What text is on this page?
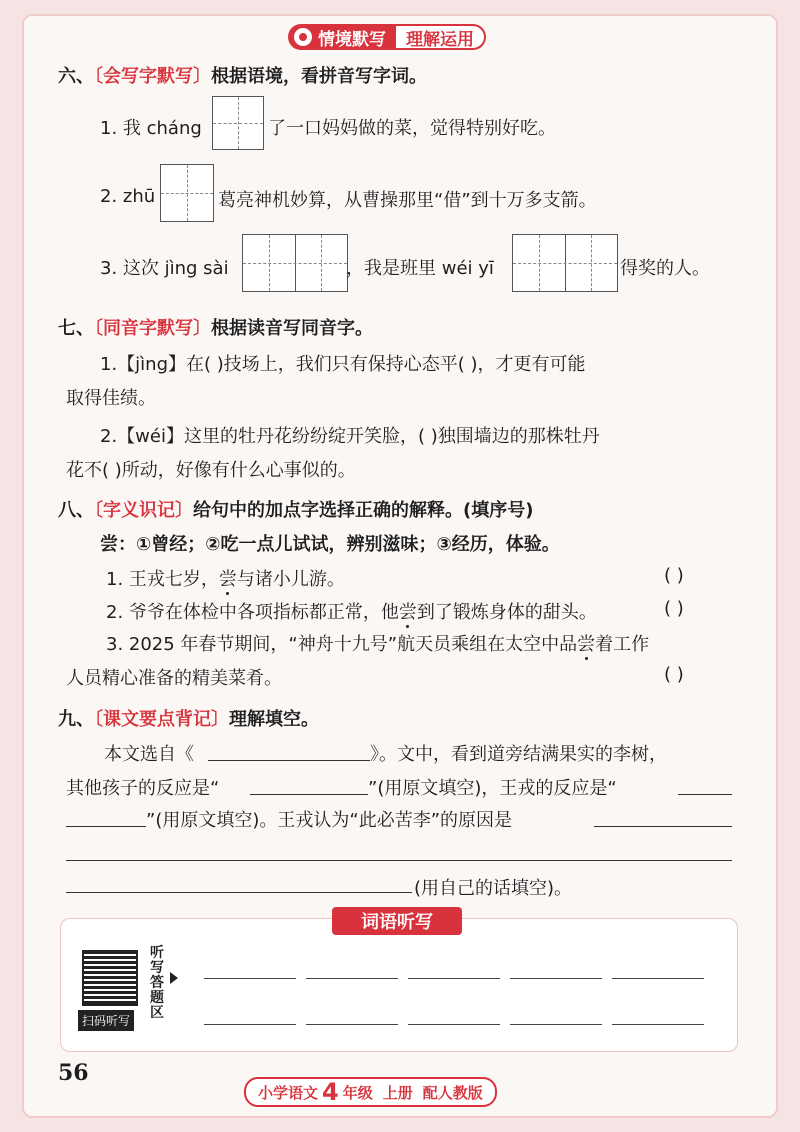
情境默写	理解运用
六、〔会写字默写〕根据语境，看拼音写字词。
1. 我 cháng	了一口妈妈做的菜，觉得特别好吃。
2. zhū	葛亮神机妙算，从曹操那里“借”到十万多支箭。
3. 这次 jìng sài	，我是班里 wéi yī	得奖的人。
七、〔同音字默写〕根据读音写同音字。
1.【jìng】在( )技场上，我们只有保持心态平( )，才更有可能
取得佳绩。
2.【wéi】这里的牡丹花纷纷绽开笑脸，( )独围墙边的那株牡丹
花不( )所动，好像有什么心事似的。
八、〔字义识记〕给句中的加点字选择正确的解释。(填序号)
尝：①曾经；②吃一点儿试试，辨别滋味；③经历，体验。
1. 王戎七岁，尝与诸小儿游。	( )
2. 爷爷在体检中各项指标都正常，他尝到了锻炼身体的甜头。	( )
3. 2025 年春节期间，“神舟十九号”航天员乘组在太空中品尝着工作
人员精心准备的精美菜肴。	( )
九、〔课文要点背记〕理解填空。
本文选自《	》。文中，看到道旁结满果实的李树，
其他孩子的反应是“	”(用原文填空)，王戎的反应是“
”(用原文填空)。王戎认为“此必苦李”的原因是
(用自己的话填空)。
词语听写
扫码听写
听写答题区
56
小学语文 4 年级 上册 配人教版
